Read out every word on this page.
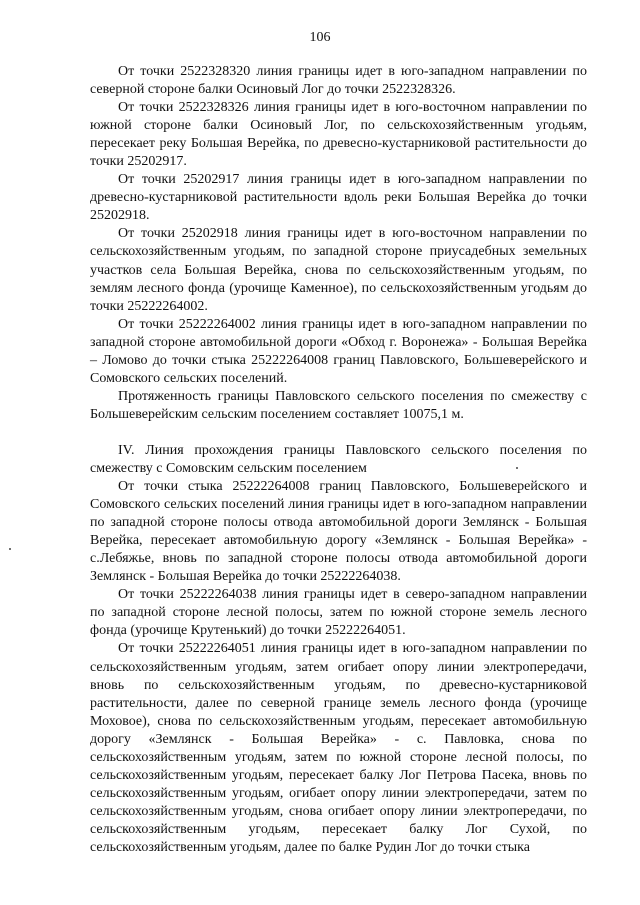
106

От точки 2522328320 линия границы идет в юго-западном направлении по северной стороне балки Осиновый Лог до точки 2522328326.

От точки 2522328326 линия границы идет в юго-восточном направлении по южной стороне балки Осиновый Лог, по сельскохозяйственным угодьям, пересекает реку Большая Верейка, по древесно-кустарниковой растительности до точки 25202917.

От точки 25202917 линия границы идет в юго-западном направлении по древесно-кустарниковой растительности вдоль реки Большая Верейка до точки 25202918.

От точки 25202918 линия границы идет в юго-восточном направлении по сельскохозяйственным угодьям, по западной стороне приусадебных земельных участков села Большая Верейка, снова по сельскохозяйственным угодьям, по землям лесного фонда (урочище Каменное), по сельскохозяйственным угодьям до точки 25222264002.

От точки 25222264002 линия границы идет в юго-западном направлении по западной стороне автомобильной дороги «Обход г. Воронежа» - Большая Верейка – Ломово до точки стыка 25222264008 границ Павловского, Большеверейского и Сомовского сельских поселений.

Протяженность границы Павловского сельского поселения по смежеству с Большеверейским сельским поселением составляет 10075,1 м.

IV. Линия прохождения границы Павловского сельского поселения по смежеству с Сомовским сельским поселением

От точки стыка 25222264008 границ Павловского, Большеверейского и Сомовского сельских поселений линия границы идет в юго-западном направлении по западной стороне полосы отвода автомобильной дороги Землянск - Большая Верейка, пересекает автомобильную дорогу «Землянск - Большая Верейка» - с.Лебяжье, вновь по западной стороне полосы отвода автомобильной дороги Землянск - Большая Верейка до точки 25222264038.

От точки 25222264038 линия границы идет в северо-западном направлении по западной стороне лесной полосы, затем по южной стороне земель лесного фонда (урочище Крутенький) до точки 25222264051.

От точки 25222264051 линия границы идет в юго-западном направлении по сельскохозяйственным угодьям, затем огибает опору линии электропередачи, вновь по сельскохозяйственным угодьям, по древесно-кустарниковой растительности, далее по северной границе земель лесного фонда (урочище Моховое), снова по сельскохозяйственным угодьям, пересекает автомобильную дорогу «Землянск - Большая Верейка» - с. Павловка, снова по сельскохозяйственным угодьям, затем по южной стороне лесной полосы, по сельскохозяйственным угодьям, пересекает балку Лог Петрова Пасека, вновь по сельскохозяйственным угодьям, огибает опору линии электропередачи, затем по сельскохозяйственным угодьям, снова огибает опору линии электропередачи, по сельскохозяйственным угодьям, пересекает балку Лог Сухой, по сельскохозяйственным угодьям, далее по балке Рудин Лог до точки стыка
